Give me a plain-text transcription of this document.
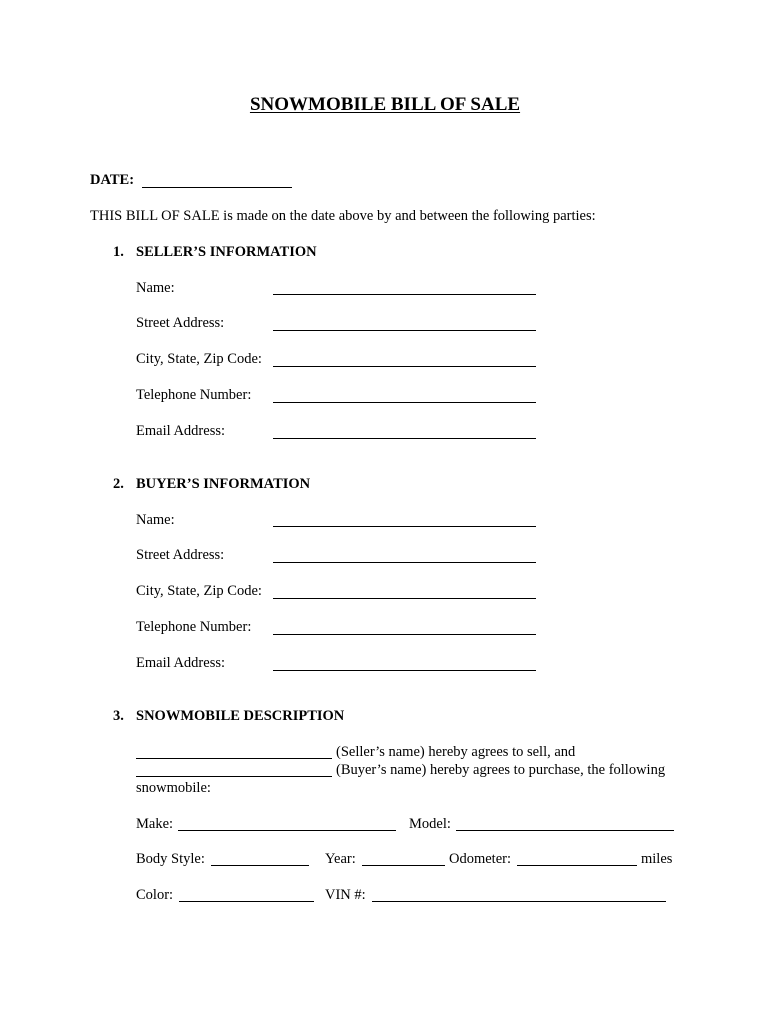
SNOWMOBILE BILL OF SALE
DATE:
THIS BILL OF SALE is made on the date above by and between the following parties:
1. SELLER’S INFORMATION
Name:
Street Address:
City, State, Zip Code:
Telephone Number:
Email Address:
2. BUYER’S INFORMATION
Name:
Street Address:
City, State, Zip Code:
Telephone Number:
Email Address:
3. SNOWMOBILE DESCRIPTION
(Seller’s name) hereby agrees to sell, and
(Buyer’s name) hereby agrees to purchase, the following
snowmobile:
Make:	Model:
Body Style:	Year:	Odometer:	miles
Color:	VIN #:
